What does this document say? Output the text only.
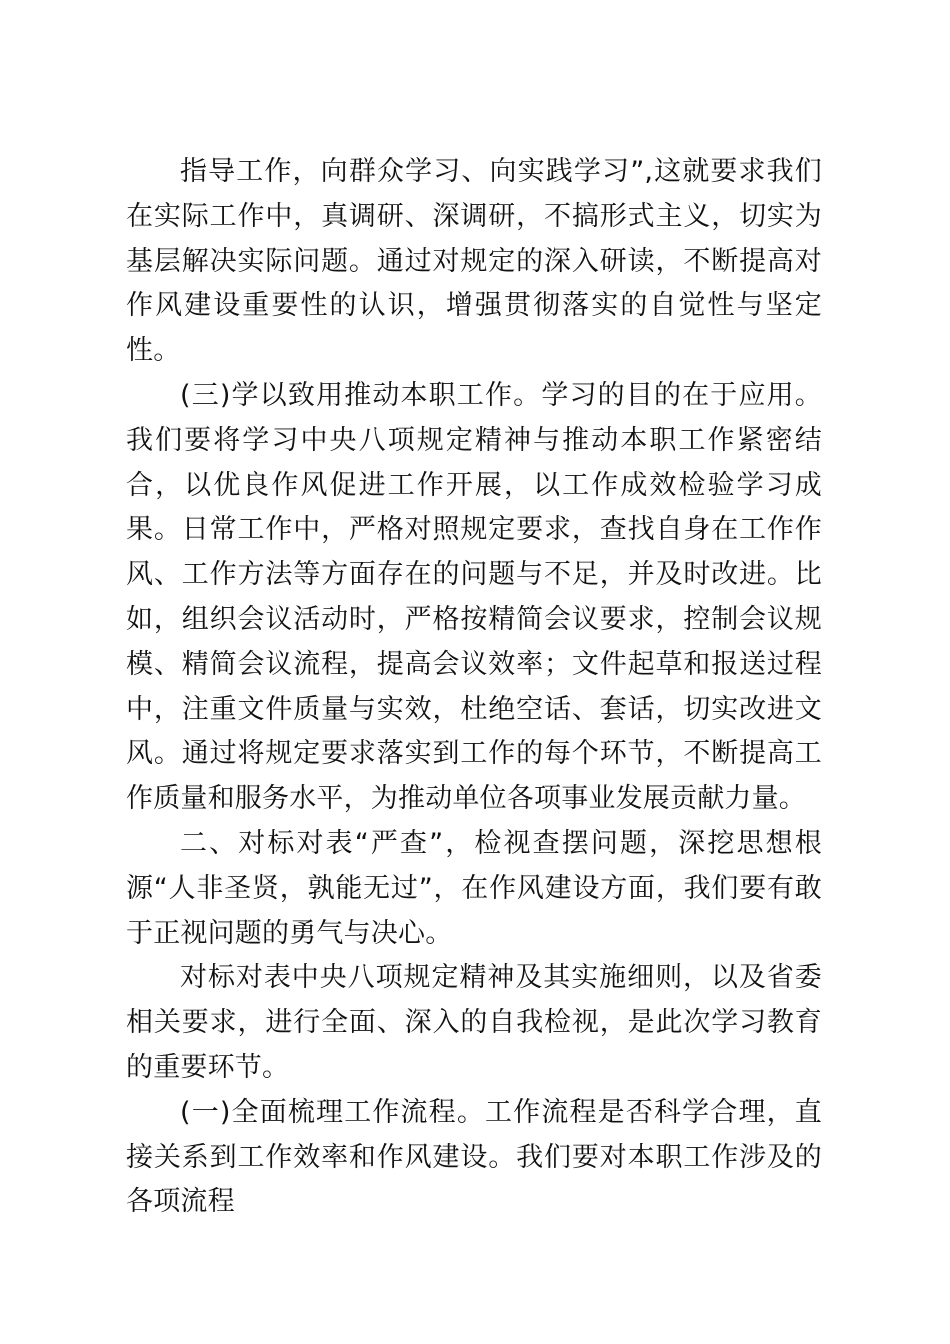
指导工作，向群众学习、向实践学习”,这就要求我们在实际工作中，真调研、深调研，不搞形式主义，切实为基层解决实际问题。通过对规定的深入研读，不断提高对作风建设重要性的认识，增强贯彻落实的自觉性与坚定性。

(三)学以致用推动本职工作。学习的目的在于应用。我们要将学习中央八项规定精神与推动本职工作紧密结合，以优良作风促进工作开展，以工作成效检验学习成果。日常工作中，严格对照规定要求，查找自身在工作作风、工作方法等方面存在的问题与不足，并及时改进。比如，组织会议活动时，严格按精简会议要求，控制会议规模、精简会议流程，提高会议效率；文件起草和报送过程中，注重文件质量与实效，杜绝空话、套话，切实改进文风。通过将规定要求落实到工作的每个环节，不断提高工作质量和服务水平，为推动单位各项事业发展贡献力量。

二、对标对表“严查”，检视查摆问题，深挖思想根源“人非圣贤，孰能无过”，在作风建设方面，我们要有敢于正视问题的勇气与决心。

对标对表中央八项规定精神及其实施细则，以及省委相关要求，进行全面、深入的自我检视，是此次学习教育的重要环节。

(一)全面梳理工作流程。工作流程是否科学合理，直接关系到工作效率和作风建设。我们要对本职工作涉及的各项流程
